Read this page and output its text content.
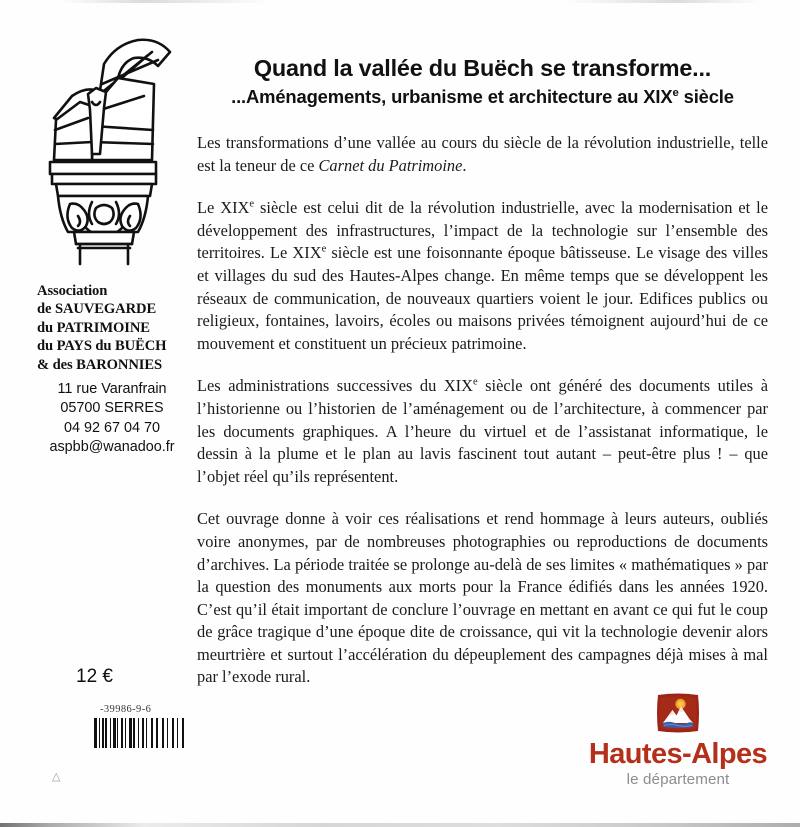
Association
de SAUVEGARDE
du PATRIMOINE
du PAYS du BUËCH
& des BARONNIES
11 rue Varanfrain
05700 SERRES
04 92 67 04 70
aspbb@wanadoo.fr
12 €
-39986-9-6
△
Quand la vallée du Buëch se transforme...
...Aménagements, urbanisme et architecture au XIXe siècle

Les transformations d’une vallée au cours du siècle de la révolution industrielle, telle est la teneur de ce Carnet du Patrimoine.

Le XIXe siècle est celui dit de la révolution industrielle, avec la modernisation et le développement des infrastructures, l’impact de la technologie sur l’ensemble des territoires. Le XIXe siècle est une foisonnante époque bâtisseuse. Le visage des villes et villages du sud des Hautes-Alpes change. En même temps que se développent les réseaux de communication, de nouveaux quartiers voient le jour. Edifices publics ou religieux, fontaines, lavoirs, écoles ou maisons privées témoignent aujourd’hui de ce mouvement et constituent un précieux patrimoine.

Les administrations successives du XIXe siècle ont généré des documents utiles à l’historienne ou l’historien de l’aménagement ou de l’architecture, à commencer par les documents graphiques. A l’heure du virtuel et de l’assistanat informatique, le dessin à la plume et le plan au lavis fascinent tout autant – peut-être plus ! – que l’objet réel qu’ils représentent.

Cet ouvrage donne à voir ces réalisations et rend hommage à leurs auteurs, oubliés voire anonymes, par de nombreuses photographies ou reproductions de documents d’archives. La période traitée se prolonge au-delà de ses limites « mathématiques » par la question des monuments aux morts pour la France édifiés dans les années 1920. C’est qu’il était important de conclure l’ouvrage en mettant en avant ce qui fut le coup de grâce tragique d’une époque dite de croissance, qui vit la technologie devenir alors meurtrière et surtout l’accélération du dépeuplement des campagnes déjà mises à mal par l’exode rural.

Hautes-Alpes
le département
